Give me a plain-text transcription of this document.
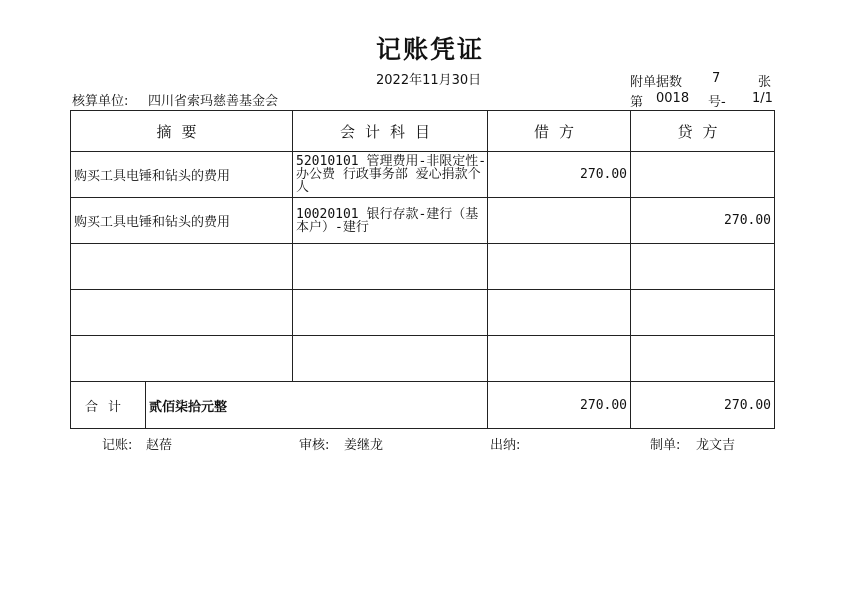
记账凭证
2022年11月30日	附单据数 7	张
核算单位: 四川省索玛慈善基金会	第 0018 号- 1/1
摘要		会计科目	借方	贷方
购买工具电锤和钻头的费用		52010101 管理费用-非限定性-办公费 行政事务部 爱心捐款个人	270.00	
购买工具电锤和钻头的费用		10020101 银行存款-建行（基本户）-建行		270.00

合计	贰佰柒拾元整		270.00	270.00
记账: 赵蓓	审核: 姜继龙	出纳:	制单: 龙文吉
